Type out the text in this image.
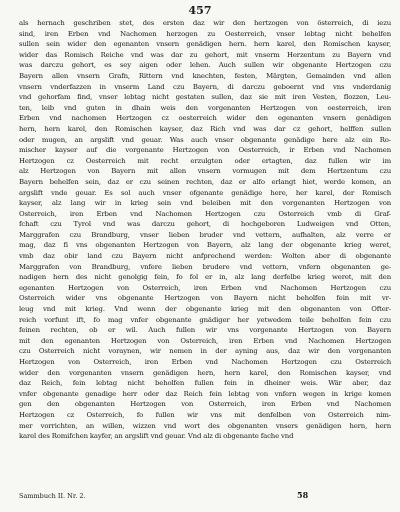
457
als hernach geschriben stet, des ersten daz wir den hertzogen von österreich, di iezu
sind, iren Erben vnd Nachomen herzogen zu Oesterreich, vnser lebtag nicht behelfen
sullen sein wider den egenanten vnsern genädigen hern. hern karel, den Romischen kayser,
wider das Romisch Reiche vnd was dar zu gehort, mit vnserm Herzentum zu Bayern vnd
was darczu gehort, es sey aigen oder lehen. Auch sullen wir obgenante Hertzogen czu
Bayern allen vnsern Grafn, Rittern vnd knechten, festen, Märgten, Gemainden vnd allen
vnsern vnderfazzen in vnserm Land czu Bayern, di darczu geboernt vnd vns vnderdanig
vnd gehorfam find, vnser lebtag nicht gestaten sullen, daz sie mit iren Vesten, flozzen, Leu-
ten, leib vnd guten in dhain weis den vorgenanten Hertzogen von oesterreich, iren
Erben vnd nachomen Hertzogen cz oesterreich wider den egenanten vnsern genädigen
hern, hern karel, den Romischen kayser, daz Rich vnd was dar cz gehort, helffen sullen
oder mugen, an argslift vnd geuar. Was auch vnser obgenante genädige here alz ein Ro-
mischer kayser auf die vorgenante Hertzogen von Oesterreich, ir Erben vnd Nachomen
Hertzogen cz Oesterreich mit recht erzulgten oder ertagten, daz fullen wir im
alz Hertzogen von Bayern mit allen vnsern vormugen mit dem Hertzentum czu
Bayern behelfen sein, daz er czu seinen rechten, daz er alfo erlangt hiet, werde komen, an
argslift vnde geuar. Es sol auch vnser ofgenante genädige here, her karel, der Romisch
kayser, alz lang wir in krieg sein vnd beleiben mit den vorgenanten Hertzogen von
Osterreich, iren Erben vnd Nachomen Hertzogen czu Osterreich vmb di Graf-
fchaft czu Tyrol vnd was darczu gehort, di hochgeboren Ludweigen vnd Otten,
Marggrafen czu Brandburg, vnser lieben bruder vnd vettern, aufhalten, alz verre er
mag, daz fi vns obgenanten Hertzogen von Bayern, alz lang der obgenante krieg weret,
vmb daz obir land czu Bayern nicht anfprechend werden: Wolten aber di obgenante
Marggrafen von Brandburg, vnfere lieben brudere vnd vettern, vnfern obgenanten ge-
nadigen hern des nicht genolgig fein, fo fol er in, alz lang derfelbe krieg weret, mit den
egenanten Hertzogen von Osterreich, iren Erben vnd Nachomen Hertzogen czu
Osterreich wider vns obgenante Hertzogen von Bayern nicht beholfen fein mit vr-
leug vnd mit krieg. Vnd wenn der obgenante krieg mit den obgenanten von Ofter-
reich vorfunt ift, fo mag vnfer obgenante gnädiger her yetwedem teile beholfen fein czu
feinen rechten, ob er wil. Auch fullen wir vns vorgenante Hertzogen von Bayern
mit den egenanten Hertzogen von Osterreich, iren Erben vnd Nachomen Hertzogen
czu Osterreich nicht voraynen, wir nemen in der ayning aus, daz wir den vorgenanten
Hertzogen von Osterreich, iren Erben vnd Nachomen Hertzogen czu Osterreich
wider den vorgenanten vnsern genädigen hern, hern karel, den Romischen kayser, vnd
daz Reich, fein lebtag nicht beholfen fullen fein in dheiner weis. Wär aber, daz
vnfer obgenante genadige herr oder daz Reich fein lebtag von vnfern wegen in krige komen
gen den obgenanten Hertzogen von Osterreich, iren Erben vnd Nachomen
Hertzogen cz Osterreich, fo fullen wir vns mit denfelben von Osterreich nim-
mer vorrichten, an willen, wizzen vnd wort des obgenanten vnsers genädigen hern, hern
karel des Romifchen kayfer, an argslift vnd geuar. Vnd alz di obgenante fache vnd
Sammbuch II. Nr. 2.	58
